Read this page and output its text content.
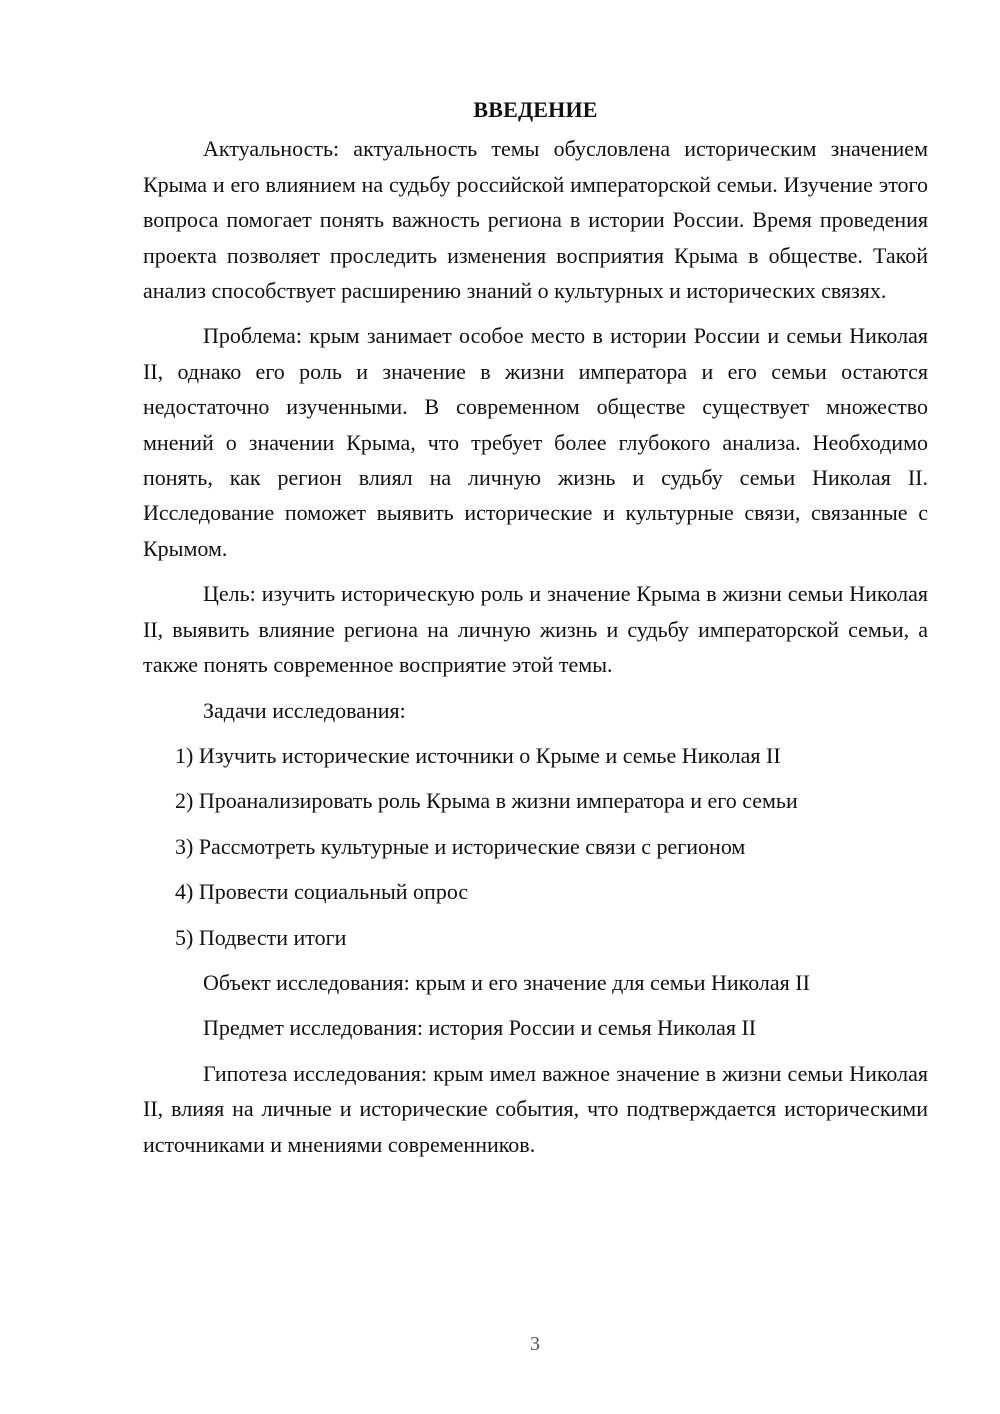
ВВЕДЕНИЕ

Актуальность: актуальность темы обусловлена историческим значением Крыма и его влиянием на судьбу российской императорской семьи. Изучение этого вопроса помогает понять важность региона в истории России. Время проведения проекта позволяет проследить изменения восприятия Крыма в обществе. Такой анализ способствует расширению знаний о культурных и исторических связях.

Проблема: крым занимает особое место в истории России и семьи Николая II, однако его роль и значение в жизни императора и его семьи остаются недостаточно изученными. В современном обществе существует множество мнений о значении Крыма, что требует более глубокого анализа. Необходимо понять, как регион влиял на личную жизнь и судьбу семьи Николая II. Исследование поможет выявить исторические и культурные связи, связанные с Крымом.

Цель: изучить историческую роль и значение Крыма в жизни семьи Николая II, выявить влияние региона на личную жизнь и судьбу императорской семьи, а также понять современное восприятие этой темы.

Задачи исследования:
1) Изучить исторические источники о Крыме и семье Николая II
2) Проанализировать роль Крыма в жизни императора и его семьи
3) Рассмотреть культурные и исторические связи с регионом
4) Провести социальный опрос
5) Подвести итоги
Объект исследования: крым и его значение для семьи Николая II
Предмет исследования: история России и семья Николая II

Гипотеза исследования: крым имел важное значение в жизни семьи Николая II, влияя на личные и исторические события, что подтверждается историческими источниками и мнениями современников.

3
